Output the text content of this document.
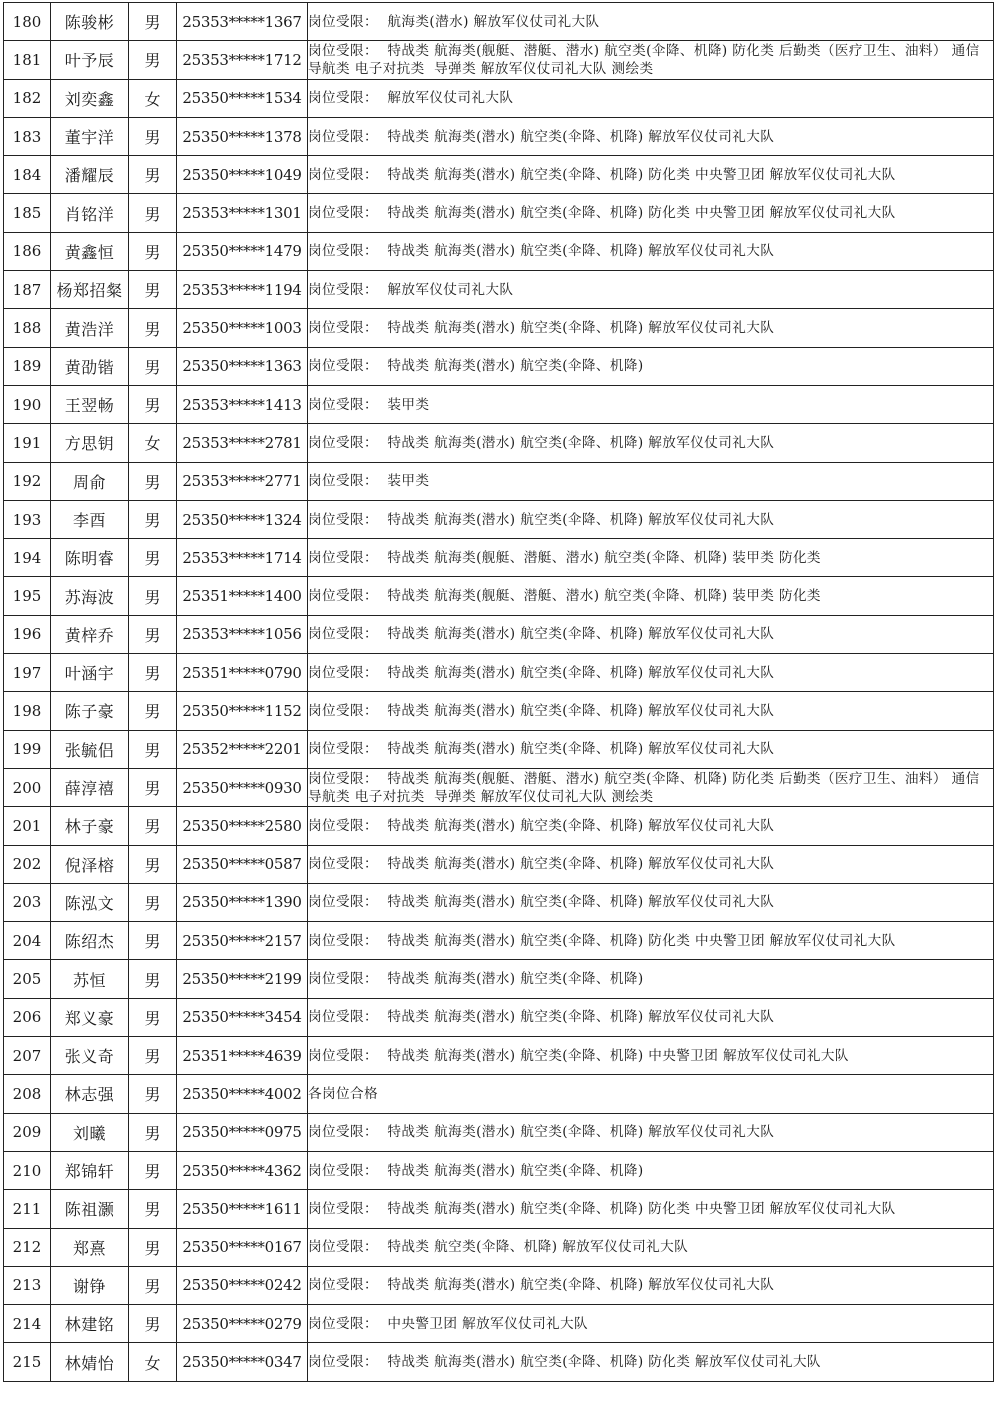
180	陈骏彬	男	25353*****1367	岗位受限：  航海类(潜水) 解放军仪仗司礼大队
181	叶予辰	男	25353*****1712	岗位受限：  特战类 航海类(舰艇、潜艇、潜水) 航空类(伞降、机降) 防化类 后勤类（医疗卫生、油料） 通信导航类 电子对抗类  导弹类 解放军仪仗司礼大队 测绘类
182	刘奕鑫	女	25350*****1534	岗位受限：  解放军仪仗司礼大队
183	董宇洋	男	25350*****1378	岗位受限：  特战类 航海类(潜水) 航空类(伞降、机降) 解放军仪仗司礼大队
184	潘耀辰	男	25350*****1049	岗位受限：  特战类 航海类(潜水) 航空类(伞降、机降) 防化类 中央警卫团 解放军仪仗司礼大队
185	肖铭洋	男	25353*****1301	岗位受限：  特战类 航海类(潜水) 航空类(伞降、机降) 防化类 中央警卫团 解放军仪仗司礼大队
186	黄鑫恒	男	25350*****1479	岗位受限：  特战类 航海类(潜水) 航空类(伞降、机降) 解放军仪仗司礼大队
187	杨郑招粲	男	25353*****1194	岗位受限：  解放军仪仗司礼大队
188	黄浩洋	男	25350*****1003	岗位受限：  特战类 航海类(潜水) 航空类(伞降、机降) 解放军仪仗司礼大队
189	黄劭锴	男	25350*****1363	岗位受限：  特战类 航海类(潜水) 航空类(伞降、机降)
190	王翌畅	男	25353*****1413	岗位受限：  装甲类
191	方思钥	女	25353*****2781	岗位受限：  特战类 航海类(潜水) 航空类(伞降、机降) 解放军仪仗司礼大队
192	周俞	男	25353*****2771	岗位受限：  装甲类
193	李酉	男	25350*****1324	岗位受限：  特战类 航海类(潜水) 航空类(伞降、机降) 解放军仪仗司礼大队
194	陈明睿	男	25353*****1714	岗位受限：  特战类 航海类(舰艇、潜艇、潜水) 航空类(伞降、机降) 装甲类 防化类
195	苏海波	男	25351*****1400	岗位受限：  特战类 航海类(舰艇、潜艇、潜水) 航空类(伞降、机降) 装甲类 防化类
196	黄梓乔	男	25353*****1056	岗位受限：  特战类 航海类(潜水) 航空类(伞降、机降) 解放军仪仗司礼大队
197	叶涵宇	男	25351*****0790	岗位受限：  特战类 航海类(潜水) 航空类(伞降、机降) 解放军仪仗司礼大队
198	陈子豪	男	25350*****1152	岗位受限：  特战类 航海类(潜水) 航空类(伞降、机降) 解放军仪仗司礼大队
199	张毓侣	男	25352*****2201	岗位受限：  特战类 航海类(潜水) 航空类(伞降、机降) 解放军仪仗司礼大队
200	薛淳禧	男	25350*****0930	岗位受限：  特战类 航海类(舰艇、潜艇、潜水) 航空类(伞降、机降) 防化类 后勤类（医疗卫生、油料） 通信导航类 电子对抗类  导弹类 解放军仪仗司礼大队 测绘类
201	林子豪	男	25350*****2580	岗位受限：  特战类 航海类(潜水) 航空类(伞降、机降) 解放军仪仗司礼大队
202	倪泽榕	男	25350*****0587	岗位受限：  特战类 航海类(潜水) 航空类(伞降、机降) 解放军仪仗司礼大队
203	陈泓文	男	25350*****1390	岗位受限：  特战类 航海类(潜水) 航空类(伞降、机降) 解放军仪仗司礼大队
204	陈绍杰	男	25350*****2157	岗位受限：  特战类 航海类(潜水) 航空类(伞降、机降) 防化类 中央警卫团 解放军仪仗司礼大队
205	苏恒	男	25350*****2199	岗位受限：  特战类 航海类(潜水) 航空类(伞降、机降)
206	郑义豪	男	25350*****3454	岗位受限：  特战类 航海类(潜水) 航空类(伞降、机降) 解放军仪仗司礼大队
207	张义奇	男	25351*****4639	岗位受限：  特战类 航海类(潜水) 航空类(伞降、机降) 中央警卫团 解放军仪仗司礼大队
208	林志强	男	25350*****4002	各岗位合格
209	刘曦	男	25350*****0975	岗位受限：  特战类 航海类(潜水) 航空类(伞降、机降) 解放军仪仗司礼大队
210	郑锦轩	男	25350*****4362	岗位受限：  特战类 航海类(潜水) 航空类(伞降、机降)
211	陈祖灏	男	25350*****1611	岗位受限：  特战类 航海类(潜水) 航空类(伞降、机降) 防化类 中央警卫团 解放军仪仗司礼大队
212	郑熹	男	25350*****0167	岗位受限：  特战类 航空类(伞降、机降) 解放军仪仗司礼大队
213	谢铮	男	25350*****0242	岗位受限：  特战类 航海类(潜水) 航空类(伞降、机降) 解放军仪仗司礼大队
214	林建铭	男	25350*****0279	岗位受限：  中央警卫团 解放军仪仗司礼大队
215	林婧怡	女	25350*****0347	岗位受限：  特战类 航海类(潜水) 航空类(伞降、机降) 防化类 解放军仪仗司礼大队
